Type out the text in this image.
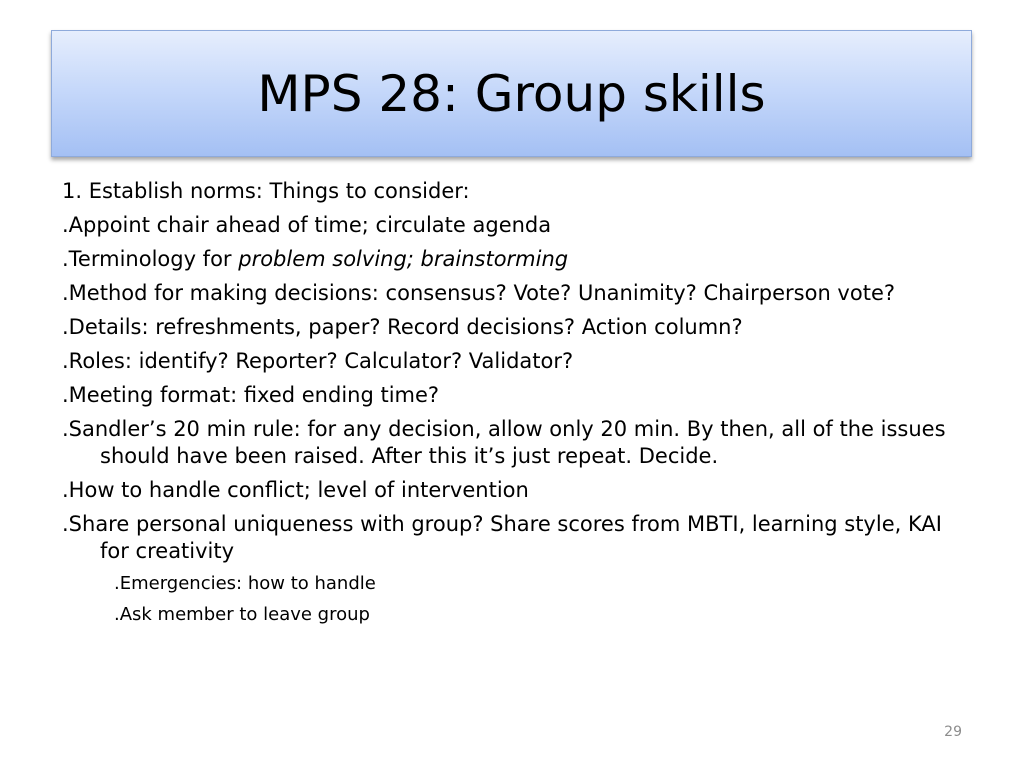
MPS 28: Group skills

1. Establish norms: Things to consider:

.Appoint chair ahead of time; circulate agenda

.Terminology for problem solving; brainstorming

.Method for making decisions: consensus? Vote? Unanimity? Chairperson vote?

.Details: refreshments, paper? Record decisions? Action column?

.Roles: identify? Reporter? Calculator? Validator?

.Meeting format: fixed ending time?

.Sandler’s 20 min rule: for any decision, allow only 20 min. By then, all of the issues should have been raised. After this it’s just repeat. Decide.

.How to handle conflict; level of intervention

.Share personal uniqueness with group? Share scores from MBTI, learning style, KAI for creativity

.Emergencies: how to handle

.Ask member to leave group

29
